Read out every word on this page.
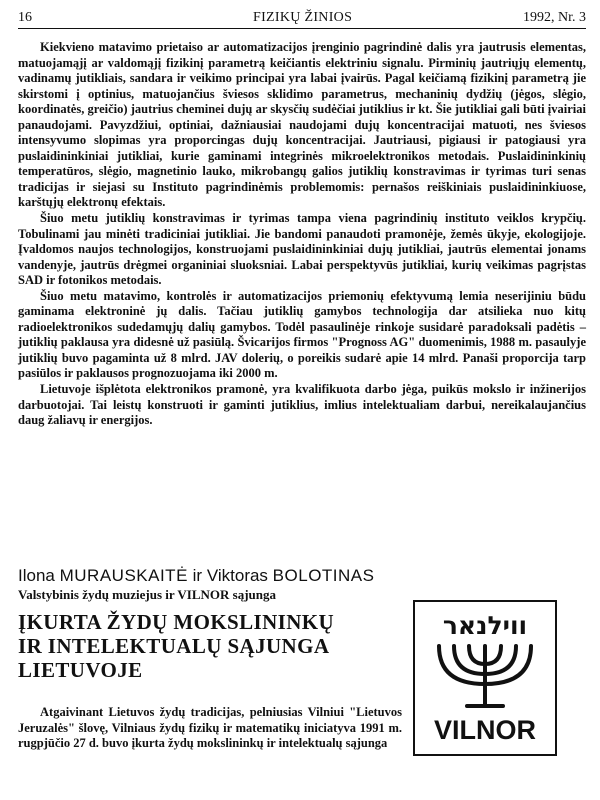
16	FIZIKŲ ŽINIOS	1992, Nr. 3

Kiekvieno matavimo prietaiso ar automatizacijos įrenginio pagrindinė dalis yra jautrusis elementas, matuojamąjį ar valdomąjį fizikinį parametrą keičiantis elektriniu signalu. Pirminių jautriųjų elementų, vadinamų jutikliais, sandara ir veikimo principai yra labai įvairūs. Pagal keičiamą fizikinį parametrą jie skirstomi į optinius, matuojančius šviesos sklidimo parametrus, mechaninių dydžių (jėgos, slėgio, koordinatės, greičio) jautrius cheminei dujų ar skysčių sudėčiai jutiklius ir kt. Šie jutikliai gali būti įvairiai panaudojami. Pavyzdžiui, optiniai, dažniausiai naudojami dujų koncentracijai matuoti, nes šviesos intensyvumo slopimas yra proporcingas dujų koncentracijai. Jautriausi, pigiausi ir patogiausi yra puslaidininkiniai jutikliai, kurie gaminami integrinės mikroelektronikos metodais. Puslaidininkinių temperatūros, slėgio, magnetinio lauko, mikrobangų galios jutiklių konstravimas ir tyrimas turi senas tradicijas ir siejasi su Instituto pagrindinėmis problemomis: pernašos reiškiniais puslaidininkiuose, karštųjų elektronų efektais.

Šiuo metu jutiklių konstravimas ir tyrimas tampa viena pagrindinių instituto veiklos krypčių. Tobulinami jau minėti tradiciniai jutikliai. Jie bandomi panaudoti pramonėje, žemės ūkyje, ekologijoje. Įvaldomos naujos technologijos, konstruojami puslaidininkiniai dujų jutikliai, jautrūs elementai jonams vandenyje, jautrūs drėgmei organiniai sluoksniai. Labai perspektyvūs jutikliai, kurių veikimas pagrįstas SAD ir fotonikos metodais.

Šiuo metu matavimo, kontrolės ir automatizacijos priemonių efektyvumą lemia neserijiniu būdu gaminama elektroninė jų dalis. Tačiau jutiklių gamybos technologija dar atsilieka nuo kitų radioelektronikos sudedamųjų dalių gamybos. Todėl pasaulinėje rinkoje susidarė paradoksali padėtis – jutiklių paklausa yra didesnė už pasiūlą. Švicarijos firmos "Prognoss AG" duomenimis, 1988 m. pasaulyje jutiklių buvo pagaminta už 8 mlrd. JAV dolerių, o poreikis sudarė apie 14 mlrd. Panaši proporcija tarp pasiūlos ir paklausos prognozuojama iki 2000 m.

Lietuvoje išplėtota elektronikos pramonė, yra kvalifikuota darbo jėga, puikūs mokslo ir inžinerijos darbuotojai. Tai leistų konstruoti ir gaminti jutiklius, imlius intelektualiam darbui, nereikalaujančius daug žaliavų ir energijos.

Ilona MURAUSKAITĖ ir Viktoras BOLOTINAS
Valstybinis žydų muziejus ir VILNOR sąjunga
ĮKURTA ŽYDŲ MOKSLININKŲ
IR INTELEKTUALŲ SĄJUNGA
LIETUVOJE

Atgaivinant Lietuvos žydų tradicijas, pelniusias Vilniui "Lietuvos Jeruzalės" šlovę, Vilniaus žydų fizikų ir matematikų iniciatyva 1991 m. rugpjūčio 27 d. buvo įkurta žydų mokslininkų ir intelektualų sąjunga

ווילנאר
VILNOR
